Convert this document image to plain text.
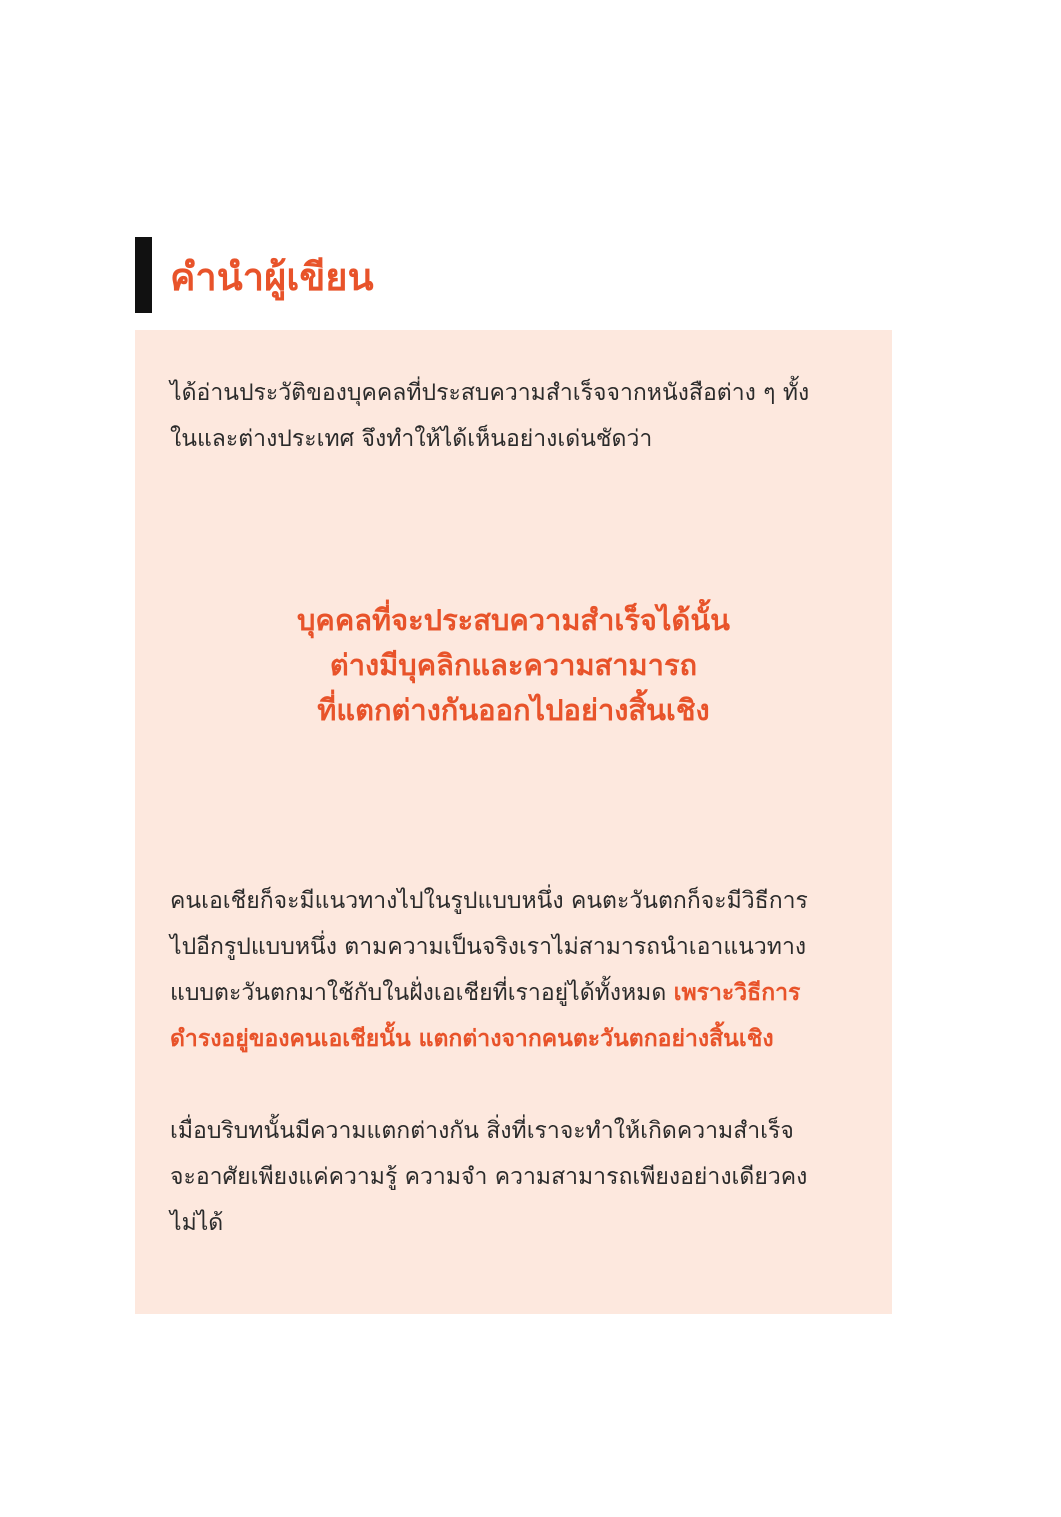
คำนำผู้เขียน

ได้อ่านประวัติของบุคคลที่ประสบความสำเร็จจากหนังสือต่าง ๆ ทั้ง
ในและต่างประเทศ จึงทำให้ได้เห็นอย่างเด่นชัดว่า

บุคคลที่จะประสบความสำเร็จได้นั้น
ต่างมีบุคลิกและความสามารถ
ที่แตกต่างกันออกไปอย่างสิ้นเชิง

คนเอเชียก็จะมีแนวทางไปในรูปแบบหนึ่ง คนตะวันตกก็จะมีวิธีการ
ไปอีกรูปแบบหนึ่ง ตามความเป็นจริงเราไม่สามารถนำเอาแนวทาง
แบบตะวันตกมาใช้กับในฝั่งเอเชียที่เราอยู่ได้ทั้งหมด เพราะวิธีการ
ดำรงอยู่ของคนเอเชียนั้น แตกต่างจากคนตะวันตกอย่างสิ้นเชิง

เมื่อบริบทนั้นมีความแตกต่างกัน สิ่งที่เราจะทำให้เกิดความสำเร็จ
จะอาศัยเพียงแค่ความรู้ ความจำ ความสามารถเพียงอย่างเดียวคง
ไม่ได้
